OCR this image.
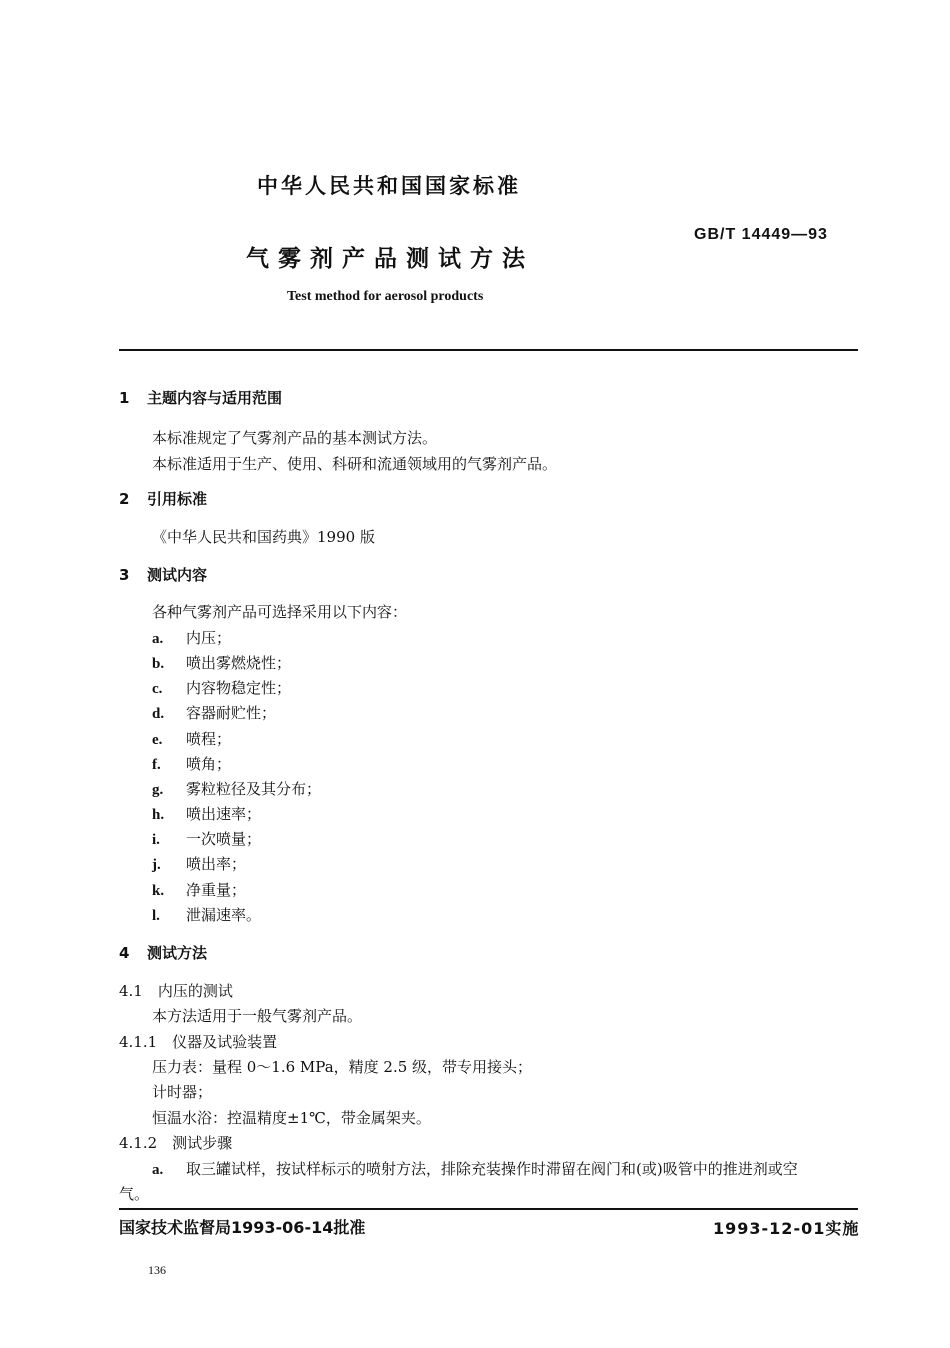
中华人民共和国国家标准
GB/T 14449—93
气雾剂产品测试方法
Test method for aerosol products
1 主题内容与适用范围
本标准规定了气雾剂产品的基本测试方法。
本标准适用于生产、使用、科研和流通领域用的气雾剂产品。
2 引用标准
《中华人民共和国药典》1990 版
3 测试内容
各种气雾剂产品可选择采用以下内容：
a. 内压；
b. 喷出雾燃烧性；
c. 内容物稳定性；
d. 容器耐贮性；
e. 喷程；
f. 喷角；
g. 雾粒粒径及其分布；
h. 喷出速率；
i. 一次喷量；
j. 喷出率；
k. 净重量；
l. 泄漏速率。
4 测试方法
4.1　内压的测试
本方法适用于一般气雾剂产品。
4.1.1　仪器及试验装置
压力表：量程 0～1.6 MPa，精度 2.5 级，带专用接头；
计时器；
恒温水浴：控温精度±1℃，带金属架夹。
4.1.2　测试步骤
a. 取三罐试样，按试样标示的喷射方法，排除充装操作时滞留在阀门和(或)吸管中的推进剂或空
气。
国家技术监督局1993-06-14批准	1993-12-01实施
136
